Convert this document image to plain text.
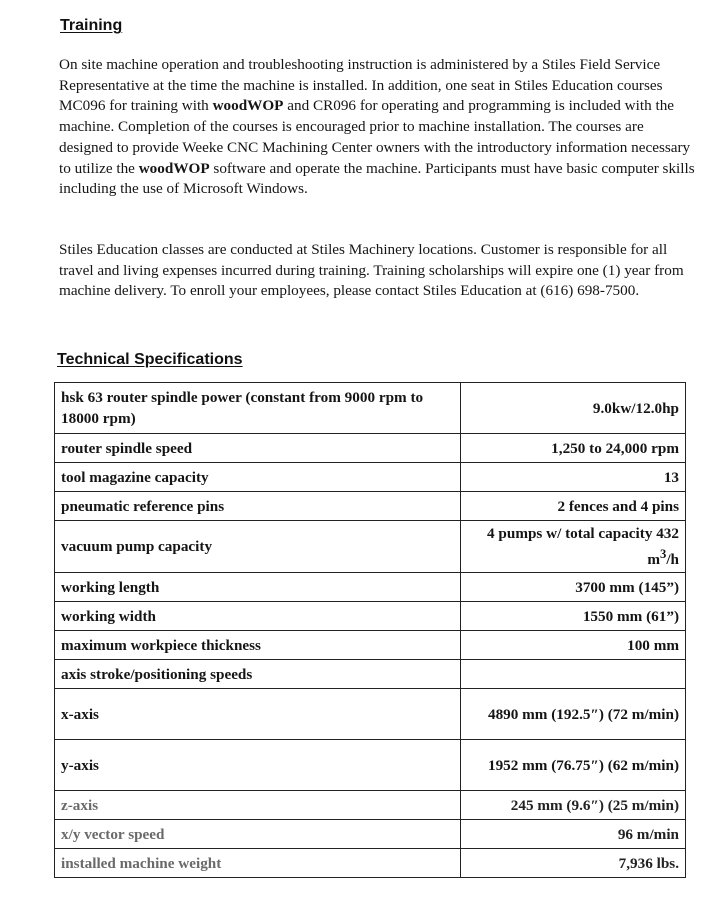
Training

On site machine operation and troubleshooting instruction is administered by a Stiles Field Service Representative at the time the machine is installed. In addition, one seat in Stiles Education courses MC096 for training with woodWOP and CR096 for operating and programming is included with the machine. Completion of the courses is encouraged prior to machine installation. The courses are designed to provide Weeke CNC Machining Center owners with the introductory information necessary to utilize the woodWOP software and operate the machine. Participants must have basic computer skills including the use of Microsoft Windows.

Stiles Education classes are conducted at Stiles Machinery locations. Customer is responsible for all travel and living expenses incurred during training. Training scholarships will expire one (1) year from machine delivery. To enroll your employees, please contact Stiles Education at (616) 698-7500.

Technical Specifications
hsk 63 router spindle power (constant from 9000 rpm to 18000 rpm)	9.0kw/12.0hp
router spindle speed	1,250 to 24,000 rpm
tool magazine capacity	13
pneumatic reference pins	2 fences and 4 pins
vacuum pump capacity	4 pumps w/ total capacity 432 $m^3/h$
working length	3700 mm (145”)
working width	1550 mm (61”)
maximum workpiece thickness	100 mm
axis stroke/positioning speeds	
x-axis	4890 mm (192.5″) (72 m/min)
y-axis	1952 mm (76.75″) (62 m/min)
z-axis	245 mm (9.6″) (25 m/min)
x/y vector speed	96 m/min
installed machine weight	7,936 lbs.
